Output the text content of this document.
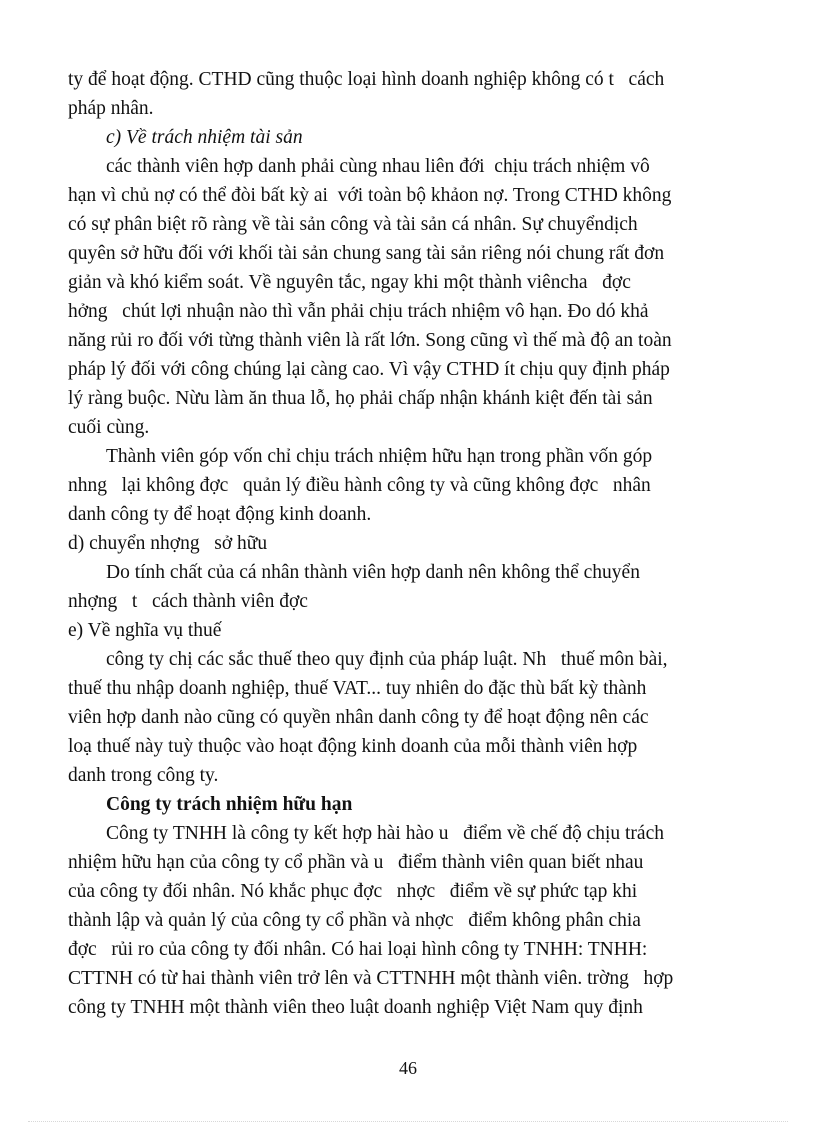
ty để hoạt động. CTHD cũng thuộc loại hình doanh nghiệp không có t   cách
pháp nhân.
c) Về trách nhiệm tài sản
các thành viên hợp danh phải cùng nhau liên đới  chịu trách nhiệm vô
hạn vì chủ nợ có thể đòi bất kỳ ai  với toàn bộ khảon nợ. Trong CTHD không
có sự phân biệt rõ ràng về tài sản công và tài sản cá nhân. Sự chuyểndịch
quyên sở hữu đối với khối tài sản chung sang tài sản riêng nói chung rất đơn
giản và khó kiểm soát. Về nguyên tắc, ngay khi một thành viêncha   đợc
hởng   chút lợi nhuận nào thì vẫn phải chịu trách nhiệm vô hạn. Đo dó khả
năng rủi ro đối với từng thành viên là rất lớn. Song cũng vì thế mà độ an toàn
pháp lý đối với công chúng lại càng cao. Vì vậy CTHD ít chịu quy định pháp
lý ràng buộc. Nừu làm ăn thua lỗ, họ phải chấp nhận khánh kiệt đến tài sản
cuối cùng.
Thành viên góp vốn chỉ chịu trách nhiệm hữu hạn trong phần vốn góp
nhng   lại không đợc   quản lý điều hành công ty và cũng không đợc   nhân
danh công ty để hoạt động kinh doanh.
d) chuyển nhợng   sở hữu
Do tính chất của cá nhân thành viên hợp danh nên không thể chuyển
nhợng   t   cách thành viên đợc
e) Về nghĩa vụ thuế
công ty chị các sắc thuế theo quy định của pháp luật. Nh   thuế môn bài,
thuế thu nhập doanh nghiệp, thuế VAT... tuy nhiên do đặc thù bất kỳ thành
viên hợp danh nào cũng có quyền nhân danh công ty để hoạt động nên các
loạ thuế này tuỳ thuộc vào hoạt động kinh doanh của mỗi thành viên hợp
danh trong công ty.
Công ty trách nhiệm hữu hạn
Công ty TNHH là công ty kết hợp hài hào u   điểm về chế độ chịu trách
nhiệm hữu hạn của công ty cổ phần và u   điểm thành viên quan biết nhau
của công ty đối nhân. Nó khắc phục đợc   nhợc   điểm về sự phức tạp khi
thành lập và quản lý của công ty cổ phần và nhợc   điểm không phân chia
đợc   rủi ro của công ty đối nhân. Có hai loại hình công ty TNHH: TNHH:
CTTNH có từ hai thành viên trở lên và CTTNHH một thành viên. trờng   hợp
công ty TNHH một thành viên theo luật doanh nghiệp Việt Nam quy định
46
